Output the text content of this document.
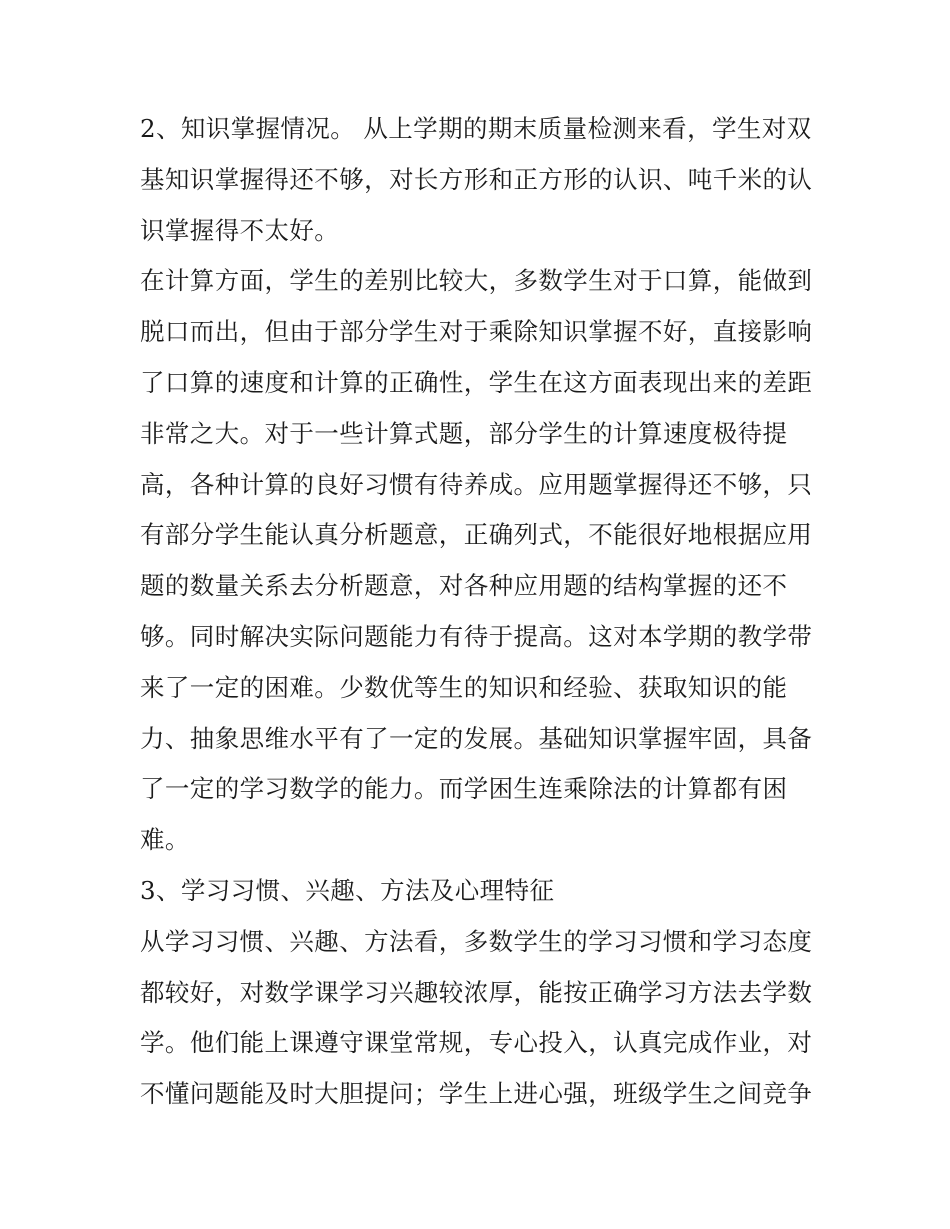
2、知识掌握情况。 从上学期的期末质量检测来看，学生对双
基知识掌握得还不够，对长方形和正方形的认识、吨千米的认
识掌握得不太好。
在计算方面，学生的差别比较大，多数学生对于口算，能做到
脱口而出，但由于部分学生对于乘除知识掌握不好，直接影响
了口算的速度和计算的正确性，学生在这方面表现出来的差距
非常之大。对于一些计算式题，部分学生的计算速度极待提
高，各种计算的良好习惯有待养成。应用题掌握得还不够，只
有部分学生能认真分析题意，正确列式，不能很好地根据应用
题的数量关系去分析题意，对各种应用题的结构掌握的还不
够。同时解决实际问题能力有待于提高。这对本学期的教学带
来了一定的困难。少数优等生的知识和经验、获取知识的能
力、抽象思维水平有了一定的发展。基础知识掌握牢固，具备
了一定的学习数学的能力。而学困生连乘除法的计算都有困
难。
3、学习习惯、兴趣、方法及心理特征
从学习习惯、兴趣、方法看，多数学生的学习习惯和学习态度
都较好，对数学课学习兴趣较浓厚，能按正确学习方法去学数
学。他们能上课遵守课堂常规，专心投入，认真完成作业，对
不懂问题能及时大胆提问；学生上进心强，班级学生之间竞争
